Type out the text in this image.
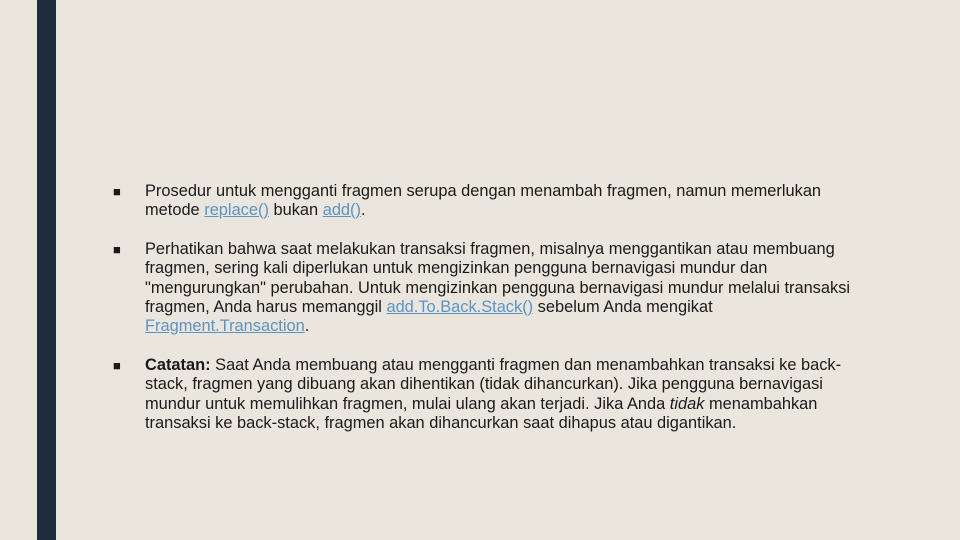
■ Prosedur untuk mengganti fragmen serupa dengan menambah fragmen, namun memerlukan metode replace() bukan add().
■ Perhatikan bahwa saat melakukan transaksi fragmen, misalnya menggantikan atau membuang fragmen, sering kali diperlukan untuk mengizinkan pengguna bernavigasi mundur dan "mengurungkan" perubahan. Untuk mengizinkan pengguna bernavigasi mundur melalui transaksi fragmen, Anda harus memanggil add.To.Back.Stack() sebelum Anda mengikat Fragment.Transaction.
■ Catatan: Saat Anda membuang atau mengganti fragmen dan menambahkan transaksi ke back-stack, fragmen yang dibuang akan dihentikan (tidak dihancurkan). Jika pengguna bernavigasi mundur untuk memulihkan fragmen, mulai ulang akan terjadi. Jika Anda tidak menambahkan transaksi ke back-stack, fragmen akan dihancurkan saat dihapus atau digantikan.
